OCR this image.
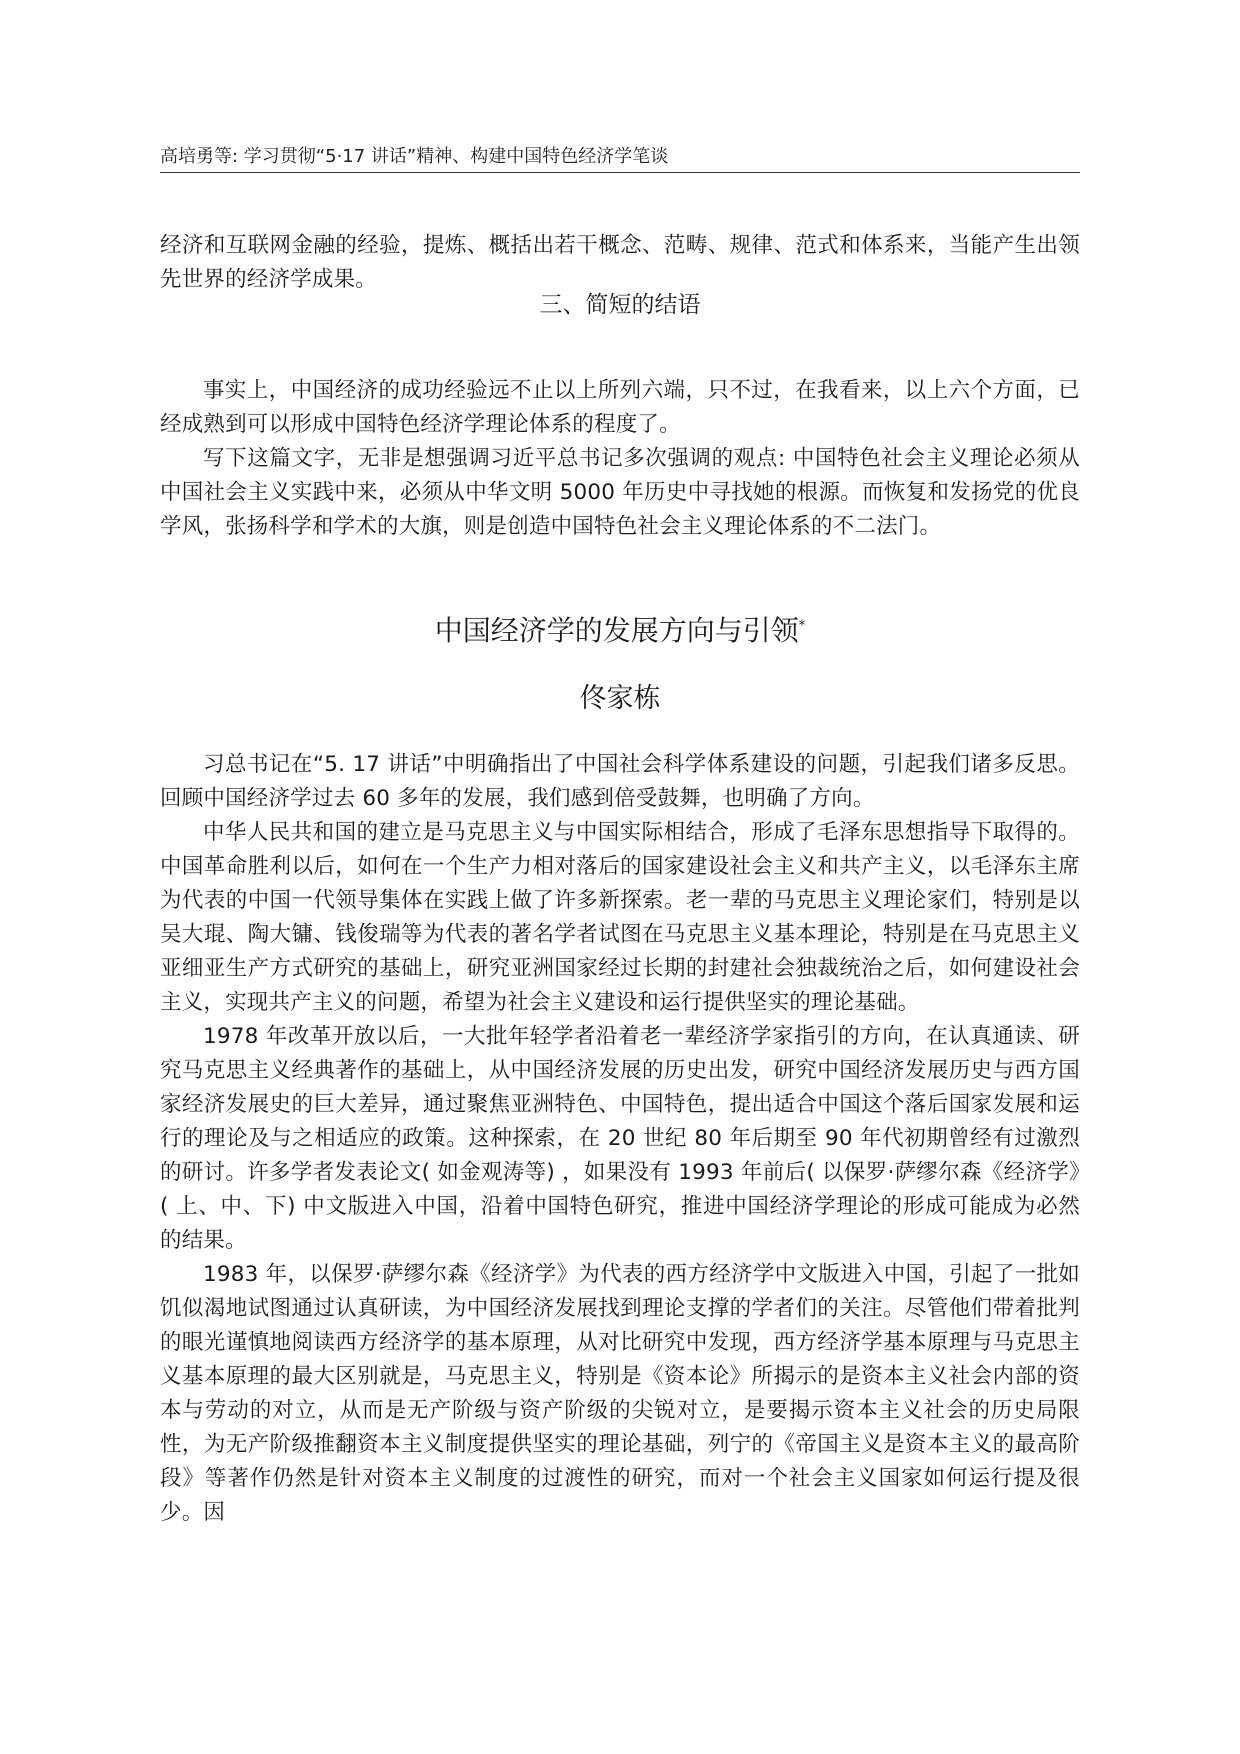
高培勇等: 学习贯彻“5·17 讲话”精神、构建中国特色经济学笔谈

经济和互联网金融的经验，提炼、概括出若干概念、范畴、规律、范式和体系来，当能产生出领先世界的经济学成果。

三、简短的结语

事实上，中国经济的成功经验远不止以上所列六端，只不过，在我看来，以上六个方面，已经成熟到可以形成中国特色经济学理论体系的程度了。

写下这篇文字，无非是想强调习近平总书记多次强调的观点: 中国特色社会主义理论必须从中国社会主义实践中来，必须从中华文明 5000 年历史中寻找她的根源。而恢复和发扬党的优良学风，张扬科学和学术的大旗，则是创造中国特色社会主义理论体系的不二法门。

中国经济学的发展方向与引领*
佟家栋

习总书记在“5. 17 讲话”中明确指出了中国社会科学体系建设的问题，引起我们诸多反思。回顾中国经济学过去 60 多年的发展，我们感到倍受鼓舞，也明确了方向。

中华人民共和国的建立是马克思主义与中国实际相结合，形成了毛泽东思想指导下取得的。中国革命胜利以后，如何在一个生产力相对落后的国家建设社会主义和共产主义，以毛泽东主席为代表的中国一代领导集体在实践上做了许多新探索。老一辈的马克思主义理论家们，特别是以吴大琨、陶大镛、钱俊瑞等为代表的著名学者试图在马克思主义基本理论，特别是在马克思主义亚细亚生产方式研究的基础上，研究亚洲国家经过长期的封建社会独裁统治之后，如何建设社会主义，实现共产主义的问题，希望为社会主义建设和运行提供坚实的理论基础。

1978 年改革开放以后，一大批年轻学者沿着老一辈经济学家指引的方向，在认真通读、研究马克思主义经典著作的基础上，从中国经济发展的历史出发，研究中国经济发展历史与西方国家经济发展史的巨大差异，通过聚焦亚洲特色、中国特色，提出适合中国这个落后国家发展和运行的理论及与之相适应的政策。这种探索，在 20 世纪 80 年后期至 90 年代初期曾经有过激烈的研讨。许多学者发表论文( 如金观涛等) ，如果没有 1993 年前后( 以保罗·萨缪尔森《经济学》( 上、中、下) 中文版进入中国，沿着中国特色研究，推进中国经济学理论的形成可能成为必然的结果。

1983 年，以保罗·萨缪尔森《经济学》为代表的西方经济学中文版进入中国，引起了一批如饥似渴地试图通过认真研读，为中国经济发展找到理论支撑的学者们的关注。尽管他们带着批判的眼光谨慎地阅读西方经济学的基本原理，从对比研究中发现，西方经济学基本原理与马克思主义基本原理的最大区别就是，马克思主义，特别是《资本论》所揭示的是资本主义社会内部的资本与劳动的对立，从而是无产阶级与资产阶级的尖锐对立，是要揭示资本主义社会的历史局限性，为无产阶级推翻资本主义制度提供坚实的理论基础，列宁的《帝国主义是资本主义的最高阶段》等著作仍然是针对资本主义制度的过渡性的研究，而对一个社会主义国家如何运行提及很少。因
